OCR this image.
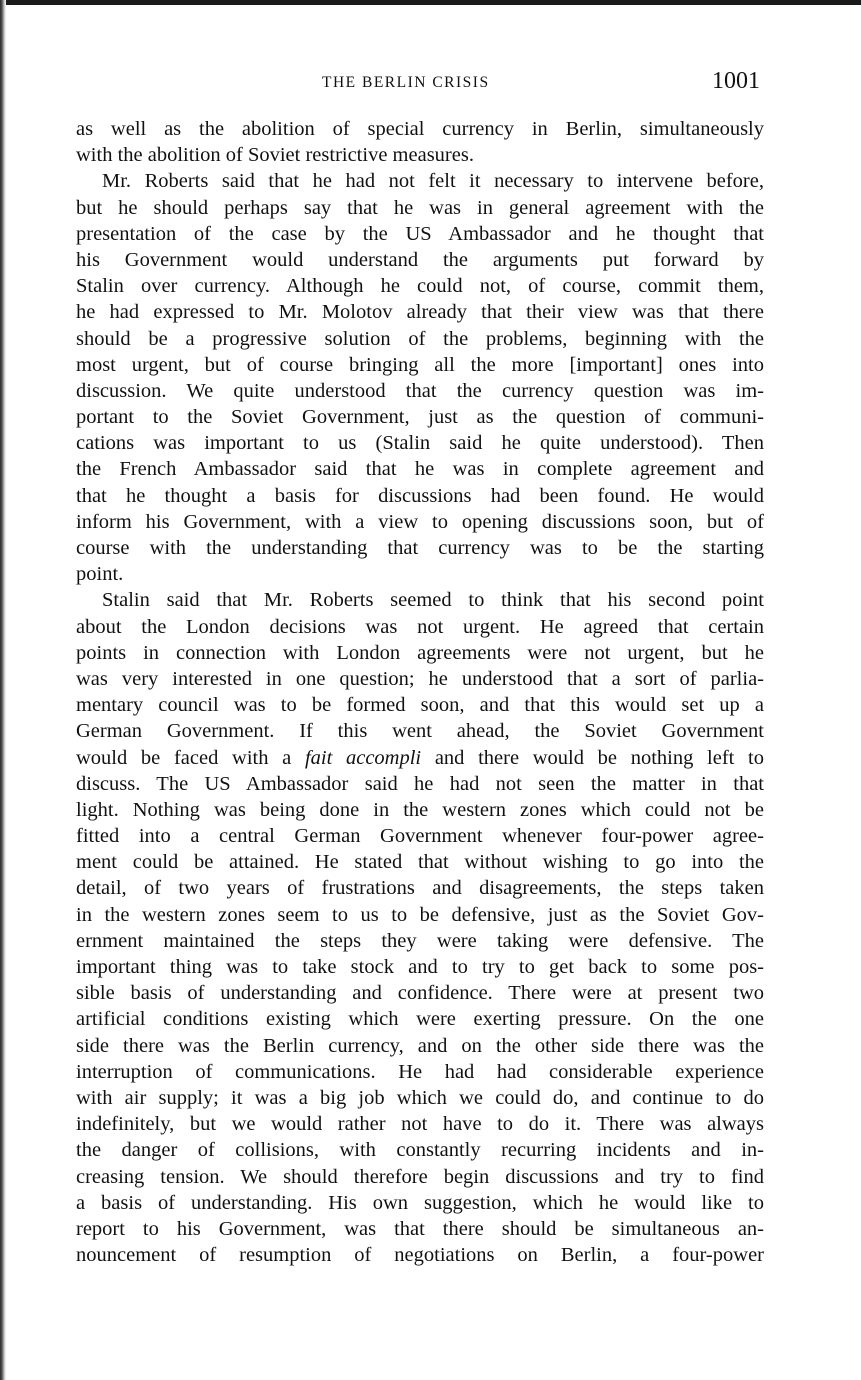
THE BERLIN CRISIS	1001
as well as the abolition of special currency in Berlin, simultaneously
with the abolition of Soviet restrictive measures.
Mr. Roberts said that he had not felt it necessary to intervene before,
but he should perhaps say that he was in general agreement with the
presentation of the case by the US Ambassador and he thought that
his Government would understand the arguments put forward by
Stalin over currency. Although he could not, of course, commit them,
he had expressed to Mr. Molotov already that their view was that there
should be a progressive solution of the problems, beginning with the
most urgent, but of course bringing all the more [important] ones into
discussion. We quite understood that the currency question was im-
portant to the Soviet Government, just as the question of communi-
cations was important to us (Stalin said he quite understood). Then
the French Ambassador said that he was in complete agreement and
that he thought a basis for discussions had been found. He would
inform his Government, with a view to opening discussions soon, but of
course with the understanding that currency was to be the starting
point.
Stalin said that Mr. Roberts seemed to think that his second point
about the London decisions was not urgent. He agreed that certain
points in connection with London agreements were not urgent, but he
was very interested in one question; he understood that a sort of parlia-
mentary council was to be formed soon, and that this would set up a
German Government. If this went ahead, the Soviet Government
would be faced with a fait accompli and there would be nothing left to
discuss. The US Ambassador said he had not seen the matter in that
light. Nothing was being done in the western zones which could not be
fitted into a central German Government whenever four-power agree-
ment could be attained. He stated that without wishing to go into the
detail, of two years of frustrations and disagreements, the steps taken
in the western zones seem to us to be defensive, just as the Soviet Gov-
ernment maintained the steps they were taking were defensive. The
important thing was to take stock and to try to get back to some pos-
sible basis of understanding and confidence. There were at present two
artificial conditions existing which were exerting pressure. On the one
side there was the Berlin currency, and on the other side there was the
interruption of communications. He had had considerable experience
with air supply; it was a big job which we could do, and continue to do
indefinitely, but we would rather not have to do it. There was always
the danger of collisions, with constantly recurring incidents and in-
creasing tension. We should therefore begin discussions and try to find
a basis of understanding. His own suggestion, which he would like to
report to his Government, was that there should be simultaneous an-
nouncement of resumption of negotiations on Berlin, a four-power
